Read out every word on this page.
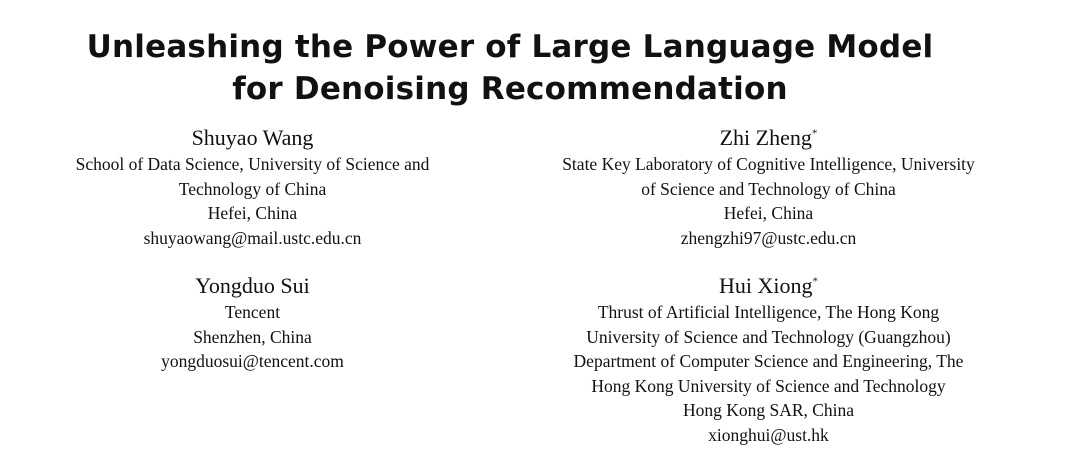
Unleashing the Power of Large Language Model
for Denoising Recommendation
Shuyao Wang
School of Data Science, University of Science and
Technology of China
Hefei, China
shuyaowang@mail.ustc.edu.cn
Zhi Zheng*
State Key Laboratory of Cognitive Intelligence, University
of Science and Technology of China
Hefei, China
zhengzhi97@ustc.edu.cn
Yongduo Sui
Tencent
Shenzhen, China
yongduosui@tencent.com
Hui Xiong*
Thrust of Artificial Intelligence, The Hong Kong
University of Science and Technology (Guangzhou)
Department of Computer Science and Engineering, The
Hong Kong University of Science and Technology
Hong Kong SAR, China
xionghui@ust.hk
